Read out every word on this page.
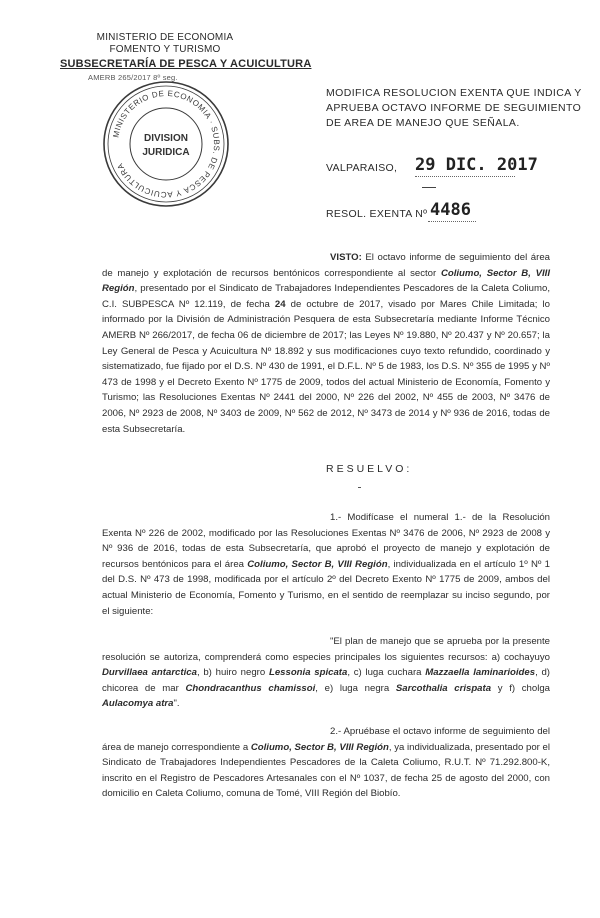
MINISTERIO DE ECONOMIA
FOMENTO Y TURISMO
SUBSECRETARÍA DE PESCA Y ACUICULTURA
AMERB 265/2017 8º seg.
MINISTERIO DE ECONOMIA · SUBS. DE PESCA Y ACUICULTURA
DIVISION
JURIDICA
MODIFICA RESOLUCION EXENTA QUE INDICA Y APRUEBA OCTAVO INFORME DE SEGUIMIENTO DE AREA DE MANEJO QUE SEÑALA.
VALPARAISO, 29 DIC. 2017
RESOL. EXENTA Nº 4486
VISTO: El octavo informe de seguimiento del área de manejo y explotación de recursos bentónicos correspondiente al sector Coliumo, Sector B, VIII Región, presentado por el Sindicato de Trabajadores Independientes Pescadores de la Caleta Coliumo, C.I. SUBPESCA Nº 12.119, de fecha 24 de octubre de 2017, visado por Mares Chile Limitada; lo informado por la División de Administración Pesquera de esta Subsecretaría mediante Informe Técnico AMERB Nº 266/2017, de fecha 06 de diciembre de 2017; las Leyes Nº 19.880, Nº 20.437 y Nº 20.657; la Ley General de Pesca y Acuicultura Nº 18.892 y sus modificaciones cuyo texto refundido, coordinado y sistematizado, fue fijado por el D.S. Nº 430 de 1991, el D.F.L. Nº 5 de 1983, los D.S. Nº 355 de 1995 y Nº 473 de 1998 y el Decreto Exento Nº 1775 de 2009, todos del actual Ministerio de Economía, Fomento y Turismo; las Resoluciones Exentas Nº 2441 del 2000, Nº 226 del 2002, Nº 455 de 2003, Nº 3476 de 2006, Nº 2923 de 2008, Nº 3403 de 2009, Nº 562 de 2012, Nº 3473 de 2014 y Nº 936 de 2016, todas de esta Subsecretaría.
RESUELVO:
1.- Modifícase el numeral 1.- de la Resolución Exenta Nº 226 de 2002, modificado por las Resoluciones Exentas Nº 3476 de 2006, Nº 2923 de 2008 y Nº 936 de 2016, todas de esta Subsecretaría, que aprobó el proyecto de manejo y explotación de recursos bentónicos para el área Coliumo, Sector B, VIII Región, individualizada en el artículo 1º Nº 1 del D.S. Nº 473 de 1998, modificada por el artículo 2º del Decreto Exento Nº 1775 de 2009, ambos del actual Ministerio de Economía, Fomento y Turismo, en el sentido de reemplazar su inciso segundo, por el siguiente:
"El plan de manejo que se aprueba por la presente resolución se autoriza, comprenderá como especies principales los siguientes recursos: a) cochayuyo Durvillaea antarctica, b) huiro negro Lessonia spicata, c) luga cuchara Mazzaella laminarioides, d) chicorea de mar Chondracanthus chamissoi, e) luga negra Sarcothalia crispata y f) cholga Aulacomya atra".
2.- Apruébase el octavo informe de seguimiento del área de manejo correspondiente a Coliumo, Sector B, VIII Región, ya individualizada, presentado por el Sindicato de Trabajadores Independientes Pescadores de la Caleta Coliumo, R.U.T. Nº 71.292.800-K, inscrito en el Registro de Pescadores Artesanales con el Nº 1037, de fecha 25 de agosto del 2000, con domicilio en Caleta Coliumo, comuna de Tomé, VIII Región del Biobío.
